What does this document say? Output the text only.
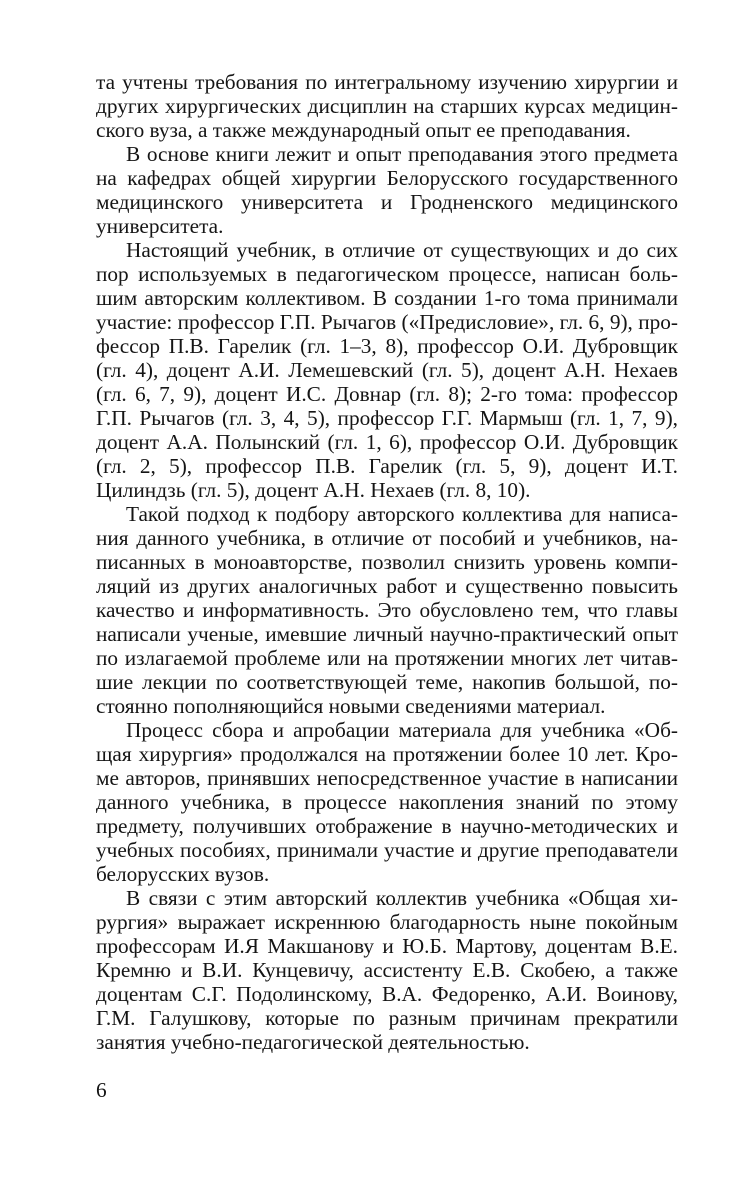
та учтены требования по интегральному изучению хирургии и других хирургических дисциплин на старших курсах медицинского вуза, а также международный опыт ее преподавания.

В основе книги лежит и опыт преподавания этого предмета на кафедрах общей хирургии Белорусского государственного медицинского университета и Гродненского медицинского университета.

Настоящий учебник, в отличие от существующих и до сих пор используемых в педагогическом процессе, написан большим авторским коллективом. В создании 1-го тома принимали участие: профессор Г.П. Рычагов («Предисловие», гл. 6, 9), профессор П.В. Гарелик (гл. 1–3, 8), профессор О.И. Дубровщик (гл. 4), доцент А.И. Лемешевский (гл. 5), доцент А.Н. Нехаев (гл. 6, 7, 9), доцент И.С. Довнар (гл. 8); 2-го тома: профессор Г.П. Рычагов (гл. 3, 4, 5), профессор Г.Г. Мармыш (гл. 1, 7, 9), доцент А.А. Полынский (гл. 1, 6), профессор О.И. Дубровщик (гл. 2, 5), профессор П.В. Гарелик (гл. 5, 9), доцент И.Т. Цилиндзь (гл. 5), доцент А.Н. Нехаев (гл. 8, 10).

Такой подход к подбору авторского коллектива для написания данного учебника, в отличие от пособий и учебников, написанных в моноавторстве, позволил снизить уровень компиляций из других аналогичных работ и существенно повысить качество и информативность. Это обусловлено тем, что главы написали ученые, имевшие личный научно-практический опыт по излагаемой проблеме или на протяжении многих лет читавшие лекции по соответствующей теме, накопив большой, постоянно пополняющийся новыми сведениями материал.

Процесс сбора и апробации материала для учебника «Общая хирургия» продолжался на протяжении более 10 лет. Кроме авторов, принявших непосредственное участие в написании данного учебника, в процессе накопления знаний по этому предмету, получивших отображение в научно-методических и учебных пособиях, принимали участие и другие преподаватели белорусских вузов.

В связи с этим авторский коллектив учебника «Общая хирургия» выражает искреннюю благодарность ныне покойным профессорам И.Я Макшанову и Ю.Б. Мартову, доцентам В.Е. Кремню и В.И. Кунцевичу, ассистенту Е.В. Скобею, а также доцентам С.Г. Подолинскому, В.А. Федоренко, А.И. Воинову, Г.М. Галушкову, которые по разным причинам прекратили занятия учебно-педагогической деятельностью.

6
